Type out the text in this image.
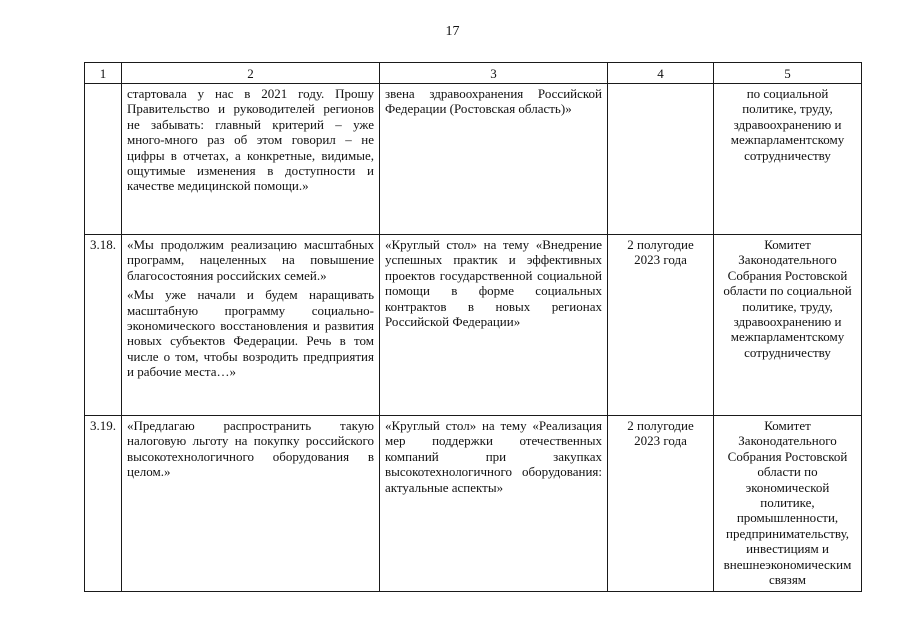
17
1	2	3	4	5

	стартовала у нас в 2021 году. Прошу Правительство и руководителей регионов не забывать: главный критерий – уже много-много раз об этом говорил – не цифры в отчетах, а конкретные, видимые, ощутимые изменения в доступности и качестве медицинской помощи.»	звена здравоохранения Российской Федерации (Ростовская область)»		по социальной политике, труду, здравоохранению и межпарламентскому сотрудничеству
3.18.	«Мы продолжим реализацию масштабных программ, нацеленных на повышение благосостояния российских семей.»

«Мы уже начали и будем наращивать масштабную программу социально-экономического восстановления и развития новых субъектов Федерации. Речь в том числе о том, чтобы возродить предприятия и рабочие места…»	«Круглый стол» на тему «Внедрение успешных практик и эффективных проектов государственной социальной помощи в форме социальных контрактов в новых регионах Российской Федерации»	2 полугодие 2023 года	Комитет Законодательного Собрания Ростовской области по социальной политике, труду, здравоохранению и межпарламентскому сотрудничеству
3.19.	«Предлагаю распространить такую налоговую льготу на покупку российского высокотехнологичного оборудования в целом.»	«Круглый стол» на тему «Реализация мер поддержки отечественных компаний при закупках высокотехнологичного оборудования: актуальные аспекты»	2 полугодие 2023 года	Комитет Законодательного Собрания Ростовской области по экономической политике, промышленности, предпринимательству, инвестициям и внешнеэкономическим связям
